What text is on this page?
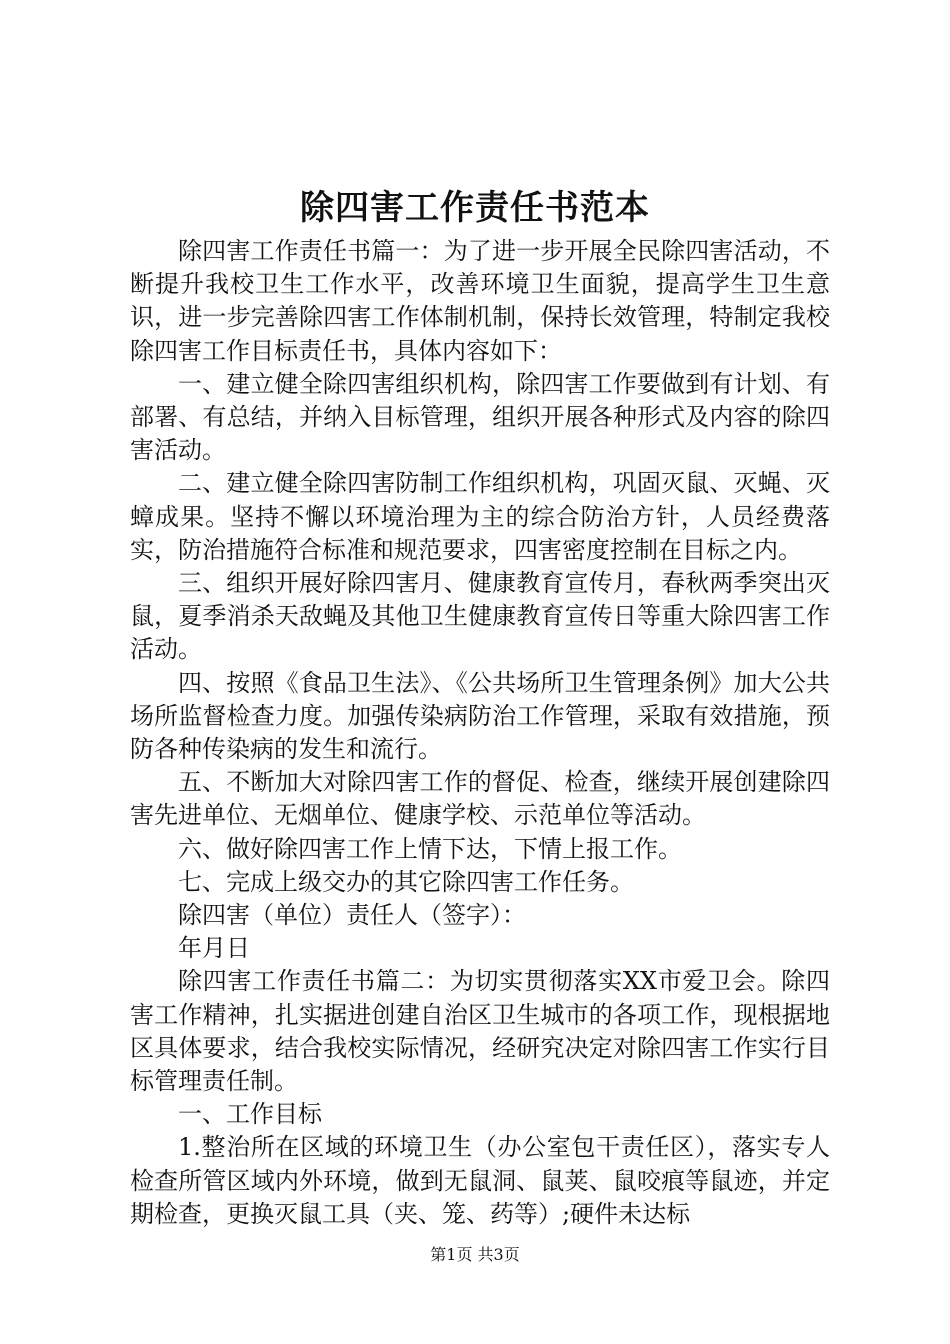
除四害工作责任书范本

除四害工作责任书篇一：为了进一步开展全民除四害活动，不断提升我校卫生工作水平，改善环境卫生面貌，提高学生卫生意识，进一步完善除四害工作体制机制，保持长效管理，特制定我校除四害工作目标责任书，具体内容如下：

一、建立健全除四害组织机构，除四害工作要做到有计划、有部署、有总结，并纳入目标管理，组织开展各种形式及内容的除四害活动。

二、建立健全除四害防制工作组织机构，巩固灭鼠、灭蝇、灭蟑成果。坚持不懈以环境治理为主的综合防治方针，人员经费落实，防治措施符合标准和规范要求，四害密度控制在目标之内。

三、组织开展好除四害月、健康教育宣传月，春秋两季突出灭鼠，夏季消杀天敌蝇及其他卫生健康教育宣传日等重大除四害工作活动。

四、按照《食品卫生法》、《公共场所卫生管理条例》加大公共场所监督检查力度。加强传染病防治工作管理，采取有效措施，预防各种传染病的发生和流行。

五、不断加大对除四害工作的督促、检查，继续开展创建除四害先进单位、无烟单位、健康学校、示范单位等活动。

六、做好除四害工作上情下达，下情上报工作。

七、完成上级交办的其它除四害工作任务。

除四害（单位）责任人（签字）：

年月日

除四害工作责任书篇二：为切实贯彻落实XX市爱卫会。除四害工作精神，扎实据进创建自治区卫生城市的各项工作，现根据地区具体要求，结合我校实际情况，经研究决定对除四害工作实行目标管理责任制。

一、工作目标

1.整治所在区域的环境卫生（办公室包干责任区），落实专人检查所管区域内外环境，做到无鼠洞、鼠荚、鼠咬痕等鼠迹，并定期检查，更换灭鼠工具（夹、笼、药等）;硬件未达标

第1页 共3页
